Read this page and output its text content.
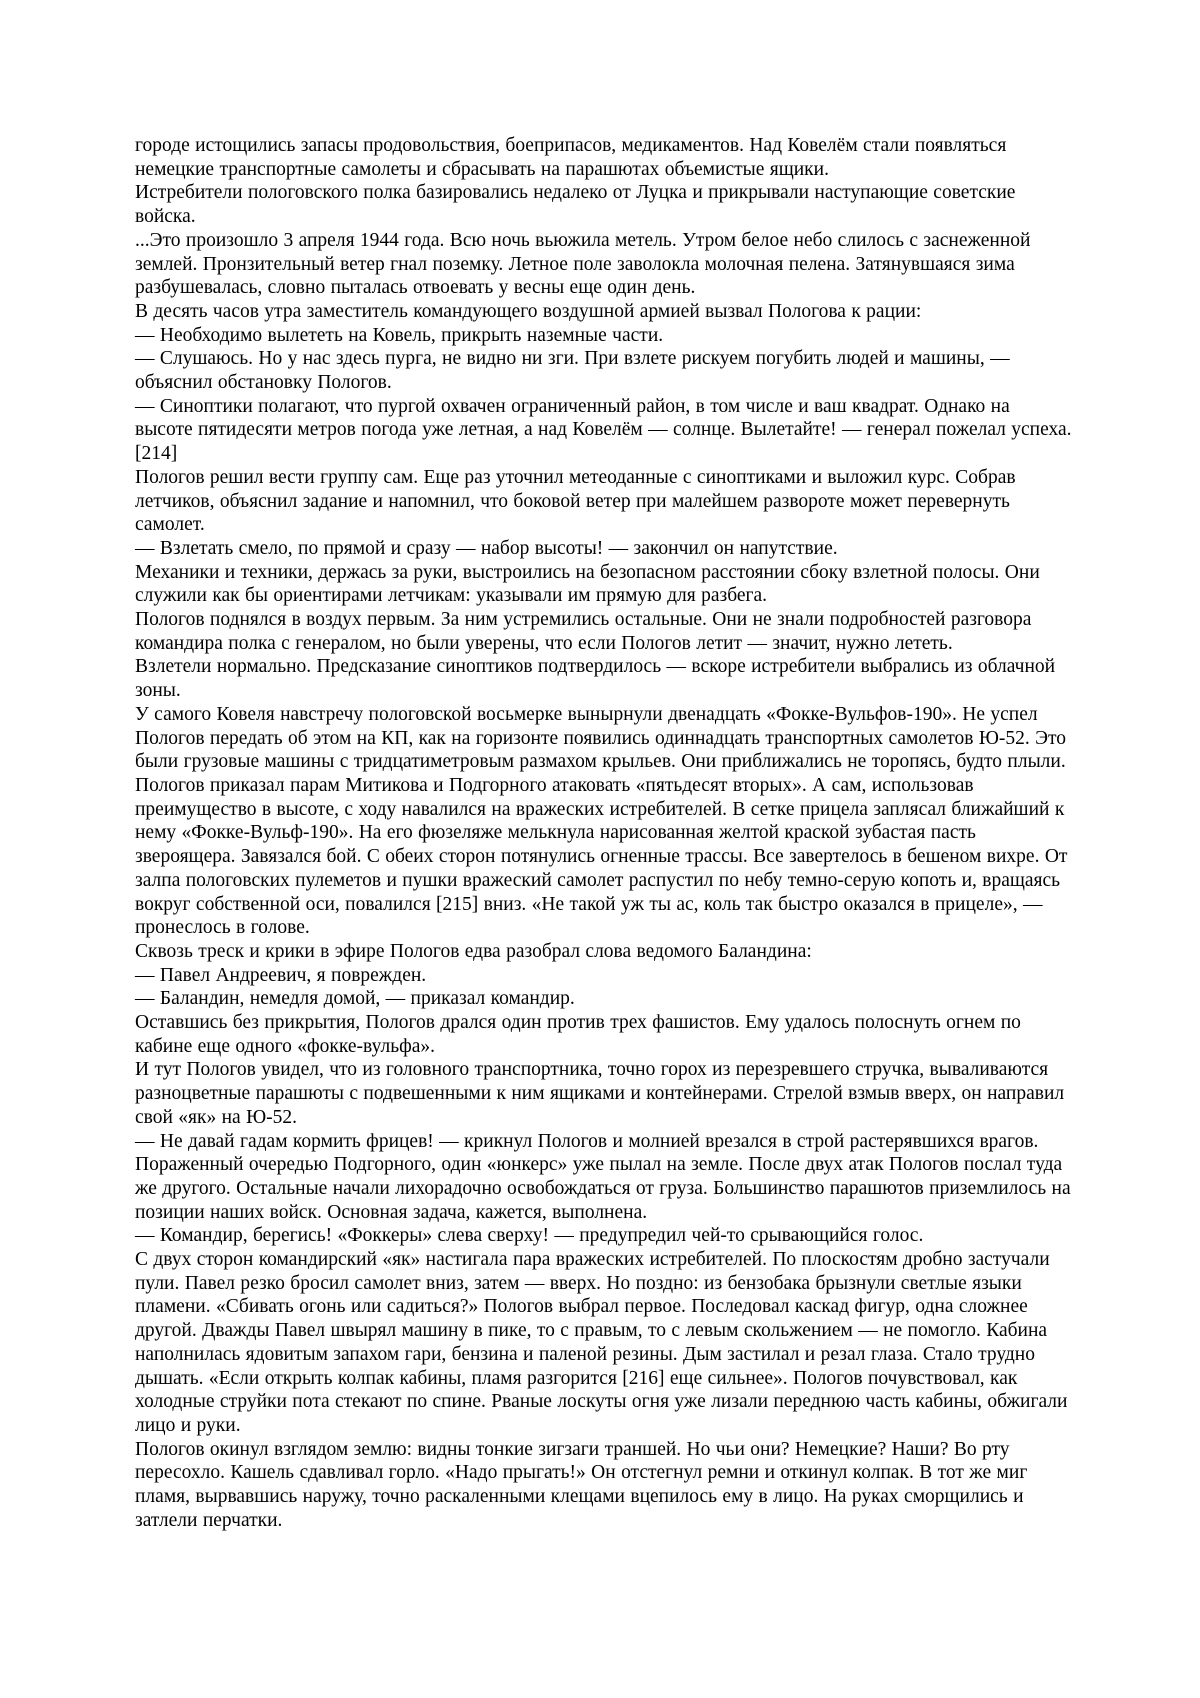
городе истощились запасы продовольствия, боеприпасов, медикаментов. Над Ковелём стали появляться немецкие транспортные самолеты и сбрасывать на парашютах объемистые ящики.

Истребители пологовского полка базировались недалеко от Луцка и прикрывали наступающие советские войска.

...Это произошло 3 апреля 1944 года. Всю ночь вьюжила метель. Утром белое небо слилось с заснеженной землей. Пронзительный ветер гнал поземку. Летное поле заволокла молочная пелена. Затянувшаяся зима разбушевалась, словно пыталась отвоевать у весны еще один день.

В десять часов утра заместитель командующего воздушной армией вызвал Пологова к рации:

— Необходимо вылететь на Ковель, прикрыть наземные части.

— Слушаюсь. Но у нас здесь пурга, не видно ни зги. При взлете рискуем погубить людей и машины, — объяснил обстановку Пологов.

— Синоптики полагают, что пургой охвачен ограниченный район, в том числе и ваш квадрат. Однако на высоте пятидесяти метров погода уже летная, а над Ковелём — солнце. Вылетайте! — генерал пожелал успеха. [214]

Пологов решил вести группу сам. Еще раз уточнил метеоданные с синоптиками и выложил курс. Собрав летчиков, объяснил задание и напомнил, что боковой ветер при малейшем развороте может перевернуть самолет.

— Взлетать смело, по прямой и сразу — набор высоты! — закончил он напутствие.

Механики и техники, держась за руки, выстроились на безопасном расстоянии сбоку взлетной полосы. Они служили как бы ориентирами летчикам: указывали им прямую для разбега.

Пологов поднялся в воздух первым. За ним устремились остальные. Они не знали подробностей разговора командира полка с генералом, но были уверены, что если Пологов летит — значит, нужно лететь.

Взлетели нормально. Предсказание синоптиков подтвердилось — вскоре истребители выбрались из облачной зоны.

У самого Ковеля навстречу пологовской восьмерке вынырнули двенадцать «Фокке-Вульфов-190». Не успел Пологов передать об этом на КП, как на горизонте появились одиннадцать транспортных самолетов Ю-52. Это были грузовые машины с тридцатиметровым размахом крыльев. Они приближались не торопясь, будто плыли. Пологов приказал парам Митикова и Подгорного атаковать «пятьдесят вторых». А сам, использовав преимущество в высоте, с ходу навалился на вражеских истребителей. В сетке прицела заплясал ближайший к нему «Фокке-Вульф-190». На его фюзеляже мелькнула нарисованная желтой краской зубастая пасть звероящера. Завязался бой. С обеих сторон потянулись огненные трассы. Все завертелось в бешеном вихре. От залпа пологовских пулеметов и пушки вражеский самолет распустил по небу темно-серую копоть и, вращаясь вокруг собственной оси, повалился [215] вниз. «Не такой уж ты ас, коль так быстро оказался в прицеле», — пронеслось в голове.

Сквозь треск и крики в эфире Пологов едва разобрал слова ведомого Баландина:

— Павел Андреевич, я поврежден.

— Баландин, немедля домой, — приказал командир.

Оставшись без прикрытия, Пологов дрался один против трех фашистов. Ему удалось полоснуть огнем по кабине еще одного «фокке-вульфа».

И тут Пологов увидел, что из головного транспортника, точно горох из перезревшего стручка, вываливаются разноцветные парашюты с подвешенными к ним ящиками и контейнерами. Стрелой взмыв вверх, он направил свой «як» на Ю-52.

— Не давай гадам кормить фрицев! — крикнул Пологов и молнией врезался в строй растерявшихся врагов. Пораженный очередью Подгорного, один «юнкерс» уже пылал на земле. После двух атак Пологов послал туда же другого. Остальные начали лихорадочно освобождаться от груза. Большинство парашютов приземлилось на позиции наших войск. Основная задача, кажется, выполнена.

— Командир, берегись! «Фоккеры» слева сверху! — предупредил чей-то срывающийся голос.

С двух сторон командирский «як» настигала пара вражеских истребителей. По плоскостям дробно застучали пули. Павел резко бросил самолет вниз, затем — вверх. Но поздно: из бензобака брызнули светлые языки пламени. «Сбивать огонь или садиться?» Пологов выбрал первое. Последовал каскад фигур, одна сложнее другой. Дважды Павел швырял машину в пике, то с правым, то с левым скольжением — не помогло. Кабина наполнилась ядовитым запахом гари, бензина и паленой резины. Дым застилал и резал глаза. Стало трудно дышать. «Если открыть колпак кабины, пламя разгорится [216] еще сильнее». Пологов почувствовал, как холодные струйки пота стекают по спине. Рваные лоскуты огня уже лизали переднюю часть кабины, обжигали лицо и руки.

Пологов окинул взглядом землю: видны тонкие зигзаги траншей. Но чьи они? Немецкие? Наши? Во рту пересохло. Кашель сдавливал горло. «Надо прыгать!» Он отстегнул ремни и откинул колпак. В тот же миг пламя, вырвавшись наружу, точно раскаленными клещами вцепилось ему в лицо. На руках сморщились и затлели перчатки.
